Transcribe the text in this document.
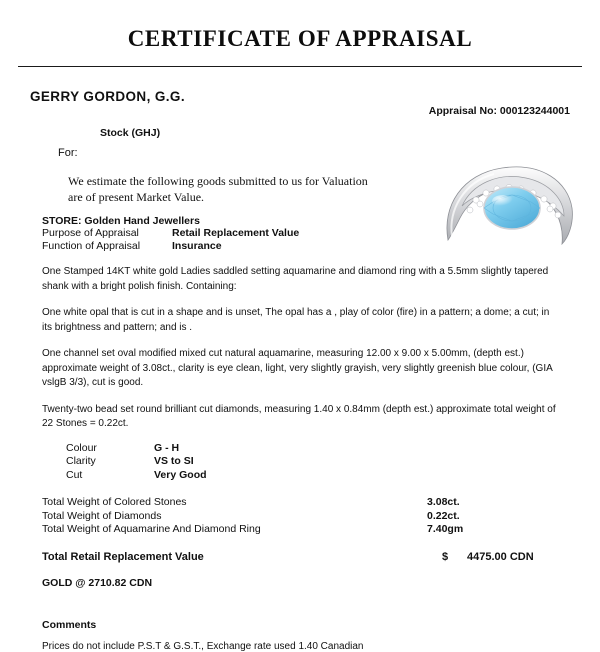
CERTIFICATE OF APPRAISAL
GERRY GORDON, G.G.
Appraisal No: 000123244001
Stock (GHJ)
For:
We estimate the following goods submitted to us for Valuation are of present Market Value.
STORE: Golden Hand Jewellers
Purpose of Appraisal	Retail Replacement Value
Function of Appraisal	Insurance
One Stamped 14KT white gold Ladies saddled setting aquamarine and diamond ring with a 5.5mm slightly tapered shank with a bright polish finish. Containing:
One white opal that is cut in a shape and is unset, The opal has a , play of color (fire) in a pattern; a dome; a cut; in its brightness and pattern; and is .
One channel set oval modified mixed cut natural aquamarine, measuring 12.00 x 9.00 x 5.00mm, (depth est.) approximate weight of 3.08ct., clarity is eye clean, light, very slightly grayish, very slightly greenish blue colour, (GIA vslgB 3/3), cut is good.
Twenty-two bead set round brilliant cut diamonds, measuring 1.40 x 0.84mm (depth est.) approximate total weight of 22 Stones = 0.22ct.
Colour	G - H
Clarity	VS to SI
Cut	Very Good
Total Weight of Colored Stones	3.08ct.
Total Weight of Diamonds	0.22ct.
Total Weight of Aquamarine And Diamond Ring	7.40gm
Total Retail Replacement Value	$ 4475.00 CDN
GOLD @ 2710.82 CDN
Comments
Prices do not include P.S.T & G.S.T., Exchange rate used 1.40 Canadian
